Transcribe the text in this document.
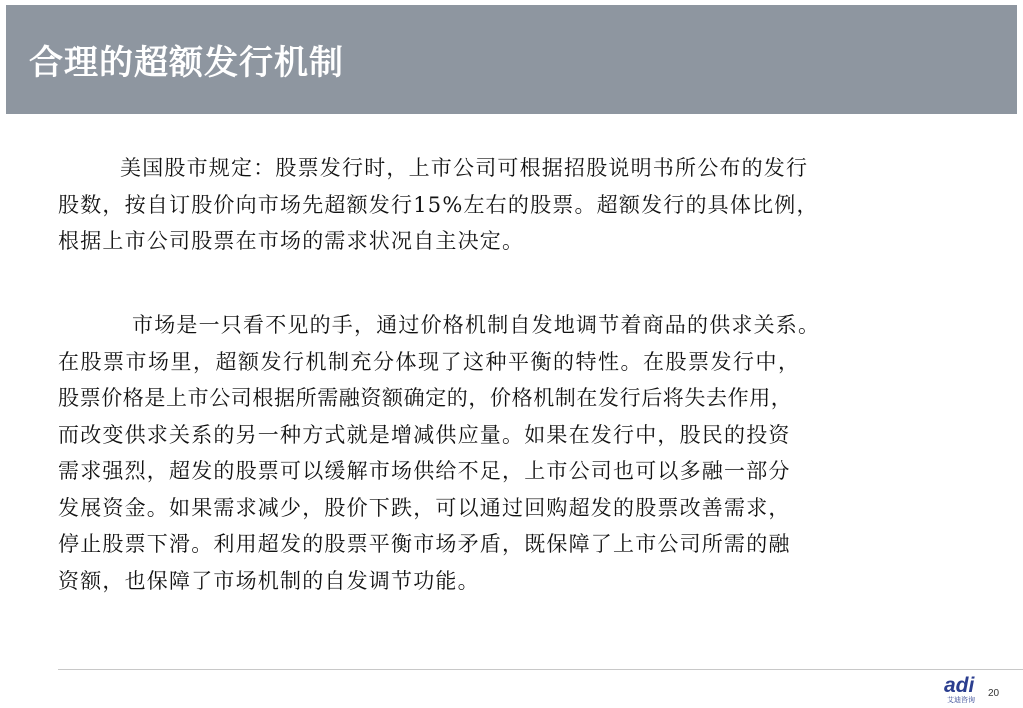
合理的超额发行机制
美国股市规定：股票发行时，上市公司可根据招股说明书所公布的发行
股数，按自订股价向市场先超额发行15%左右的股票。超额发行的具体比例，
根据上市公司股票在市场的需求状况自主决定。
市场是一只看不见的手，通过价格机制自发地调节着商品的供求关系。
在股票市场里，超额发行机制充分体现了这种平衡的特性。在股票发行中，
股票价格是上市公司根据所需融资额确定的，价格机制在发行后将失去作用，
而改变供求关系的另一种方式就是增减供应量。如果在发行中，股民的投资
需求强烈，超发的股票可以缓解市场供给不足，上市公司也可以多融一部分
发展资金。如果需求减少，股价下跌，可以通过回购超发的股票改善需求，
停止股票下滑。利用超发的股票平衡市场矛盾，既保障了上市公司所需的融
资额，也保障了市场机制的自发调节功能。
adi
艾迪咨询
20
